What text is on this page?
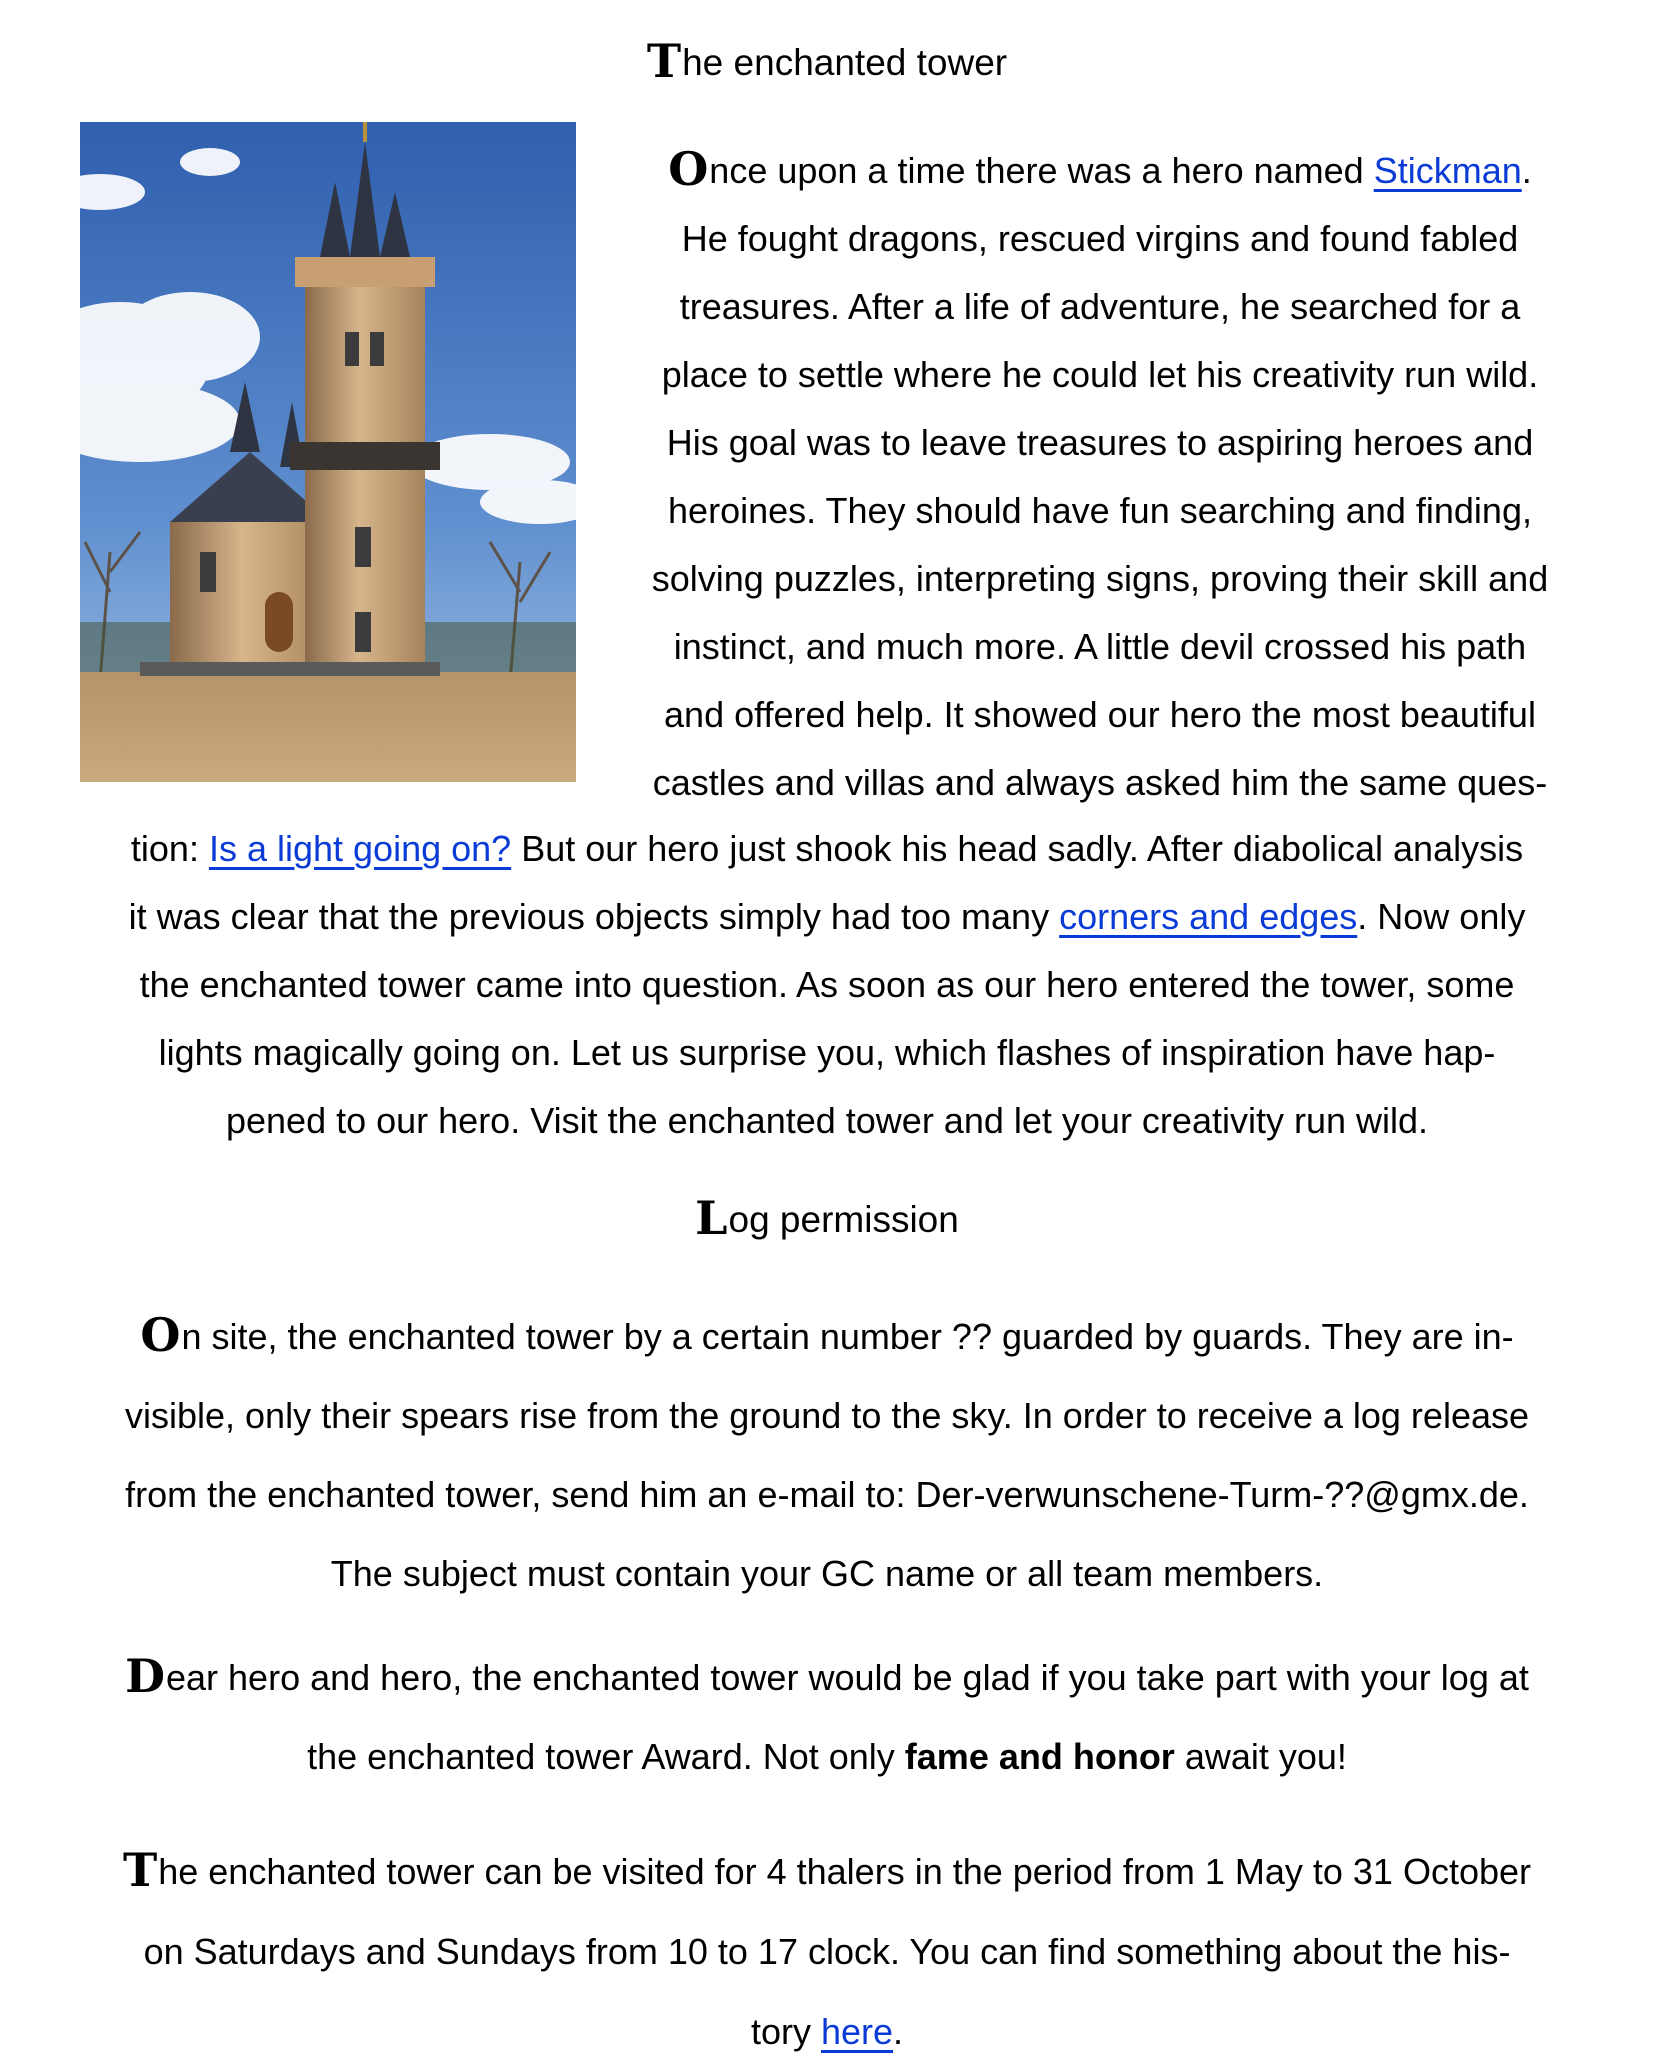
The enchanted tower
Once upon a time there was a hero named Stickman.
He fought dragons, rescued virgins and found fabled
treasures. After a life of adventure, he searched for a
place to settle where he could let his creativity run wild.
His goal was to leave treasures to aspiring heroes and
heroines. They should have fun searching and finding,
solving puzzles, interpreting signs, proving their skill and
instinct, and much more. A little devil crossed his path
and offered help. It showed our hero the most beautiful
castles and villas and always asked him the same ques-
tion: Is a light going on? But our hero just shook his head sadly. After diabolical analysis
it was clear that the previous objects simply had too many corners and edges. Now only
the enchanted tower came into question. As soon as our hero entered the tower, some
lights magically going on. Let us surprise you, which flashes of inspiration have hap-
pened to our hero. Visit the enchanted tower and let your creativity run wild.
Log permission
On site, the enchanted tower by a certain number ?? guarded by guards. They are in-
visible, only their spears rise from the ground to the sky. In order to receive a log release
from the enchanted tower, send him an e-mail to: Der-verwunschene-Turm-??@gmx.de.
The subject must contain your GC name or all team members.
Dear hero and hero, the enchanted tower would be glad if you take part with your log at
the enchanted tower Award. Not only fame and honor await you!
The enchanted tower can be visited for 4 thalers in the period from 1 May to 31 October
on Saturdays and Sundays from 10 to 17 clock. You can find something about the his-
tory here.
